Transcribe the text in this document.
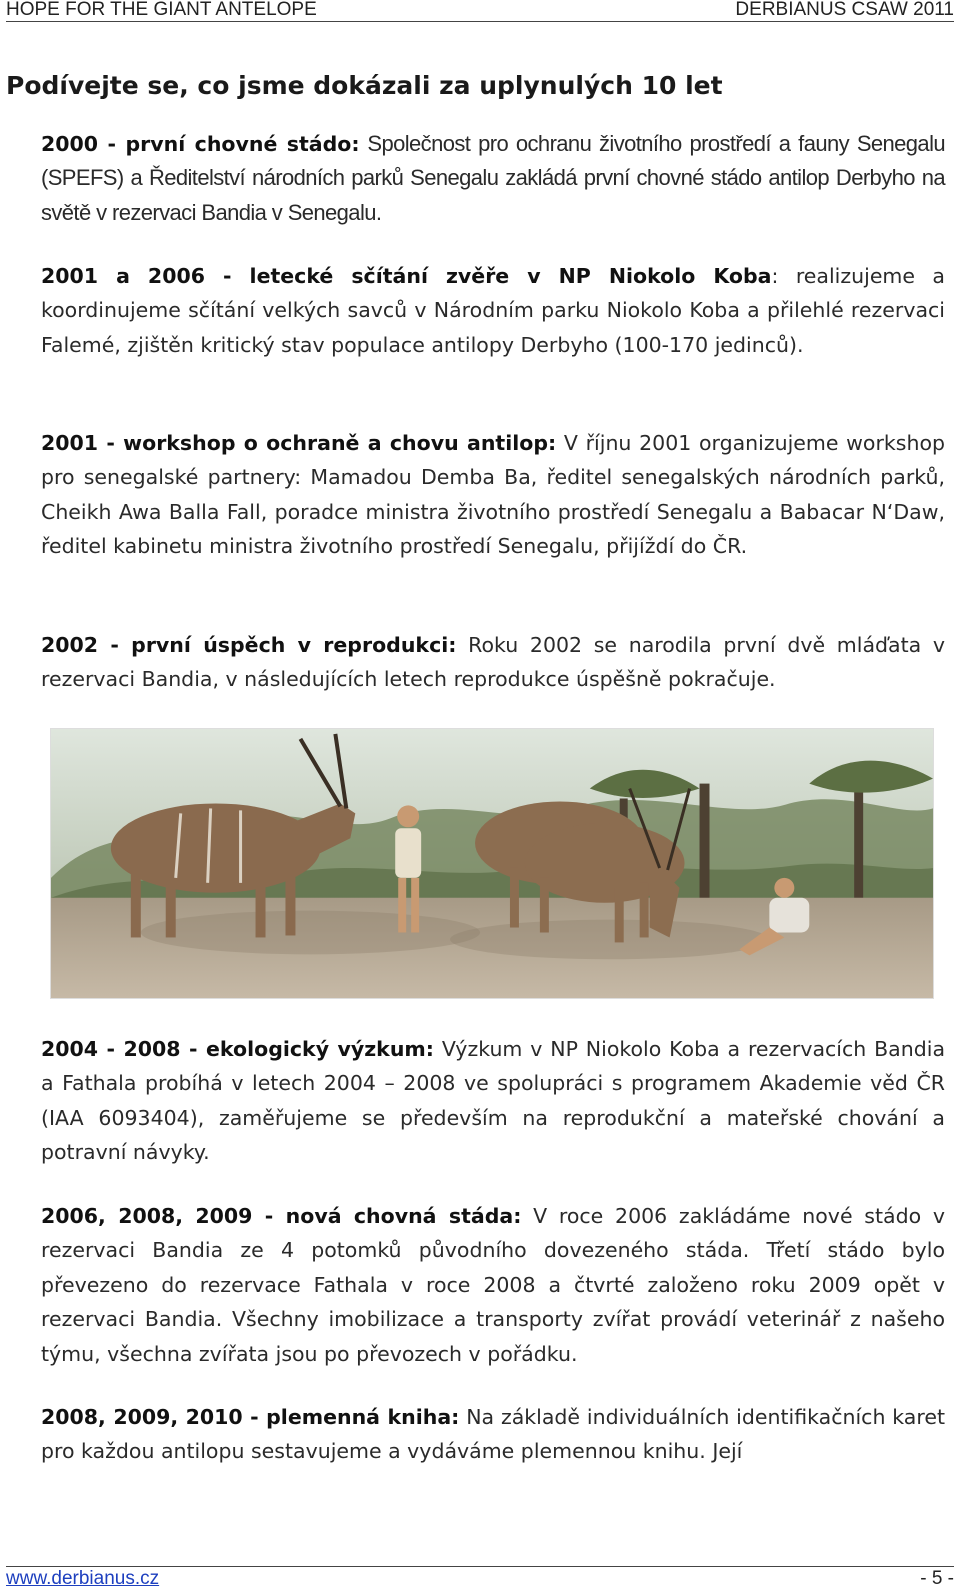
HOPE FOR THE GIANT ANTELOPE	DERBIANUS CSAW 2011
Podívejte se, co jsme dokázali za uplynulých 10 let

2000 - první chovné stádo: Společnost pro ochranu životního prostředí a fauny Senegalu (SPEFS) a Ředitelství národních parků Senegalu zakládá první chovné stádo antilop Derbyho na světě v rezervaci Bandia v Senegalu.

2001 a 2006 - letecké sčítání zvěře v NP Niokolo Koba: realizujeme a koordinujeme sčítání velkých savců v Národním parku Niokolo Koba a přilehlé rezervaci Falemé, zjištěn kritický stav populace antilopy Derbyho (100-170 jedinců).

2001 - workshop o ochraně a chovu antilop: V říjnu 2001 organizujeme workshop pro senegalské partnery: Mamadou Demba Ba, ředitel senegalských národních parků, Cheikh Awa Balla Fall, poradce ministra životního prostředí Senegalu a Babacar N‘Daw, ředitel kabinetu ministra životního prostředí Senegalu, přijíždí do ČR.

2002 - první úspěch v reprodukci: Roku 2002 se narodila první dvě mláďata v rezervaci Bandia, v následujících letech reprodukce úspěšně pokračuje.

2004 - 2008 - ekologický výzkum: Výzkum v NP Niokolo Koba a rezervacích Bandia a Fathala probíhá v letech 2004 – 2008 ve spolupráci s programem Akademie věd ČR (IAA 6093404), zaměřujeme se především na reprodukční a mateřské chování a potravní návyky.

2006, 2008, 2009 - nová chovná stáda: V roce 2006 zakládáme nové stádo v rezervaci Bandia ze 4 potomků původního dovezeného stáda. Třetí stádo bylo převezeno do rezervace Fathala v roce 2008 a čtvrté založeno roku 2009 opět v rezervaci Bandia. Všechny imobilizace a transporty zvířat provádí veterinář z našeho týmu, všechna zvířata jsou po převozech v pořádku.

2008, 2009, 2010 - plemenná kniha: Na základě individuálních identifikačních karet pro každou antilopu sestavujeme a vydáváme plemennou knihu. Její

www.derbianus.cz	- 5 -
